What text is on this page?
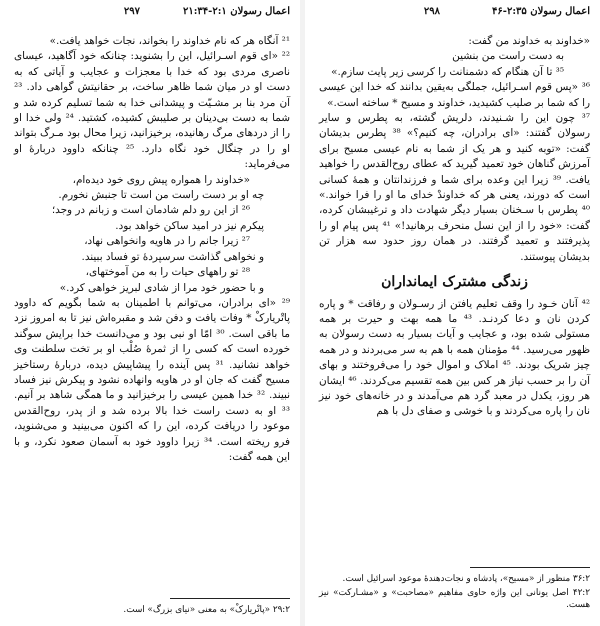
اعمال رسولان ۲:۱-۲۱:۳۴
۲۹۷

²¹ آنگاه هر که نام خداوند را بخواند، نجات خواهد یافت.»

²² «ای قوم اسـرائیل، این را بشنوید: چنانکه خود آگاهید، عیسای ناصری مردی بود که خدا با معجزات و عجایب و آیاتی که به دست او در میان شما ظاهر ساخت، بر حقانیتش گواهی داد. ²³ آن مرد بنا بر مشـیّت و پیشدانی خدا به شما تسلیم کرده شد و شما به دست بی‌دینان بر صلیبش کشیده، کشتید. ²⁴ ولی خدا او را از دردهای مرگ رهانیده، برخیزانید، زیرا محال بود مـرگ بتواند او را در چنگال خود نگاه دارد. ²⁵ چنانکه داوود دربارۀ او می‌فرماید:

«خداوند را همواره پیش روی خود دیده‌ام،

چه او بر دست راست من است تا جنبش نخورم.

²⁶ از این رو دلم شادمان است و زبانم در وجد؛

پیکرم نیز در امید ساکن خواهد بود.

²⁷ زیرا جانم را در هاویه وانخواهی نهاد،

و نخواهی گذاشت سرسپردۀ تو فساد ببیند.

²⁸ تو راههای حیات را به من آموختهای،

و با حضور خود مرا از شادی لبریز خواهی کرد.»

²⁹ «ای برادران، می‌توانم با اطمینان به شما بگویم که داوود پاتْریارکْ * وفات یافت و دفن شد و مقبره‌اش نیز تا به امروز نزد ما باقی است. ³⁰ امّا او نبی بود و می‌دانست خدا برایش سوگند خورده است که کسی را از ثمرۀ صُلْب او بر تخت سلطنت وی خواهد نشانید. ³¹ پس آینده را پیشاپیش دیده، دربارۀ رستاخیز مسیح گفت که جان او در هاویه وانهاده نشود و پیکرش نیز فساد نبیند. ³² خدا همین عیسی را برخیزانید و ما همگی شاهد بر آنیم. ³³ او به دست راست خدا بالا برده شد و از پدر، روح‌القدس موعود را دریافت کرده، این را که اکنون می‌بینید و می‌شنوید، فرو ریخته است. ³⁴ زیرا داوود خود به آسمان صعود نکرد، و با این همه گفت:

۲۹:۲ «پاتْریارکْ» به معنی «نیای بزرگ» است.
اعمال رسولان ۲:۳۵-۴۶
۲۹۸

«خداوند به خداوند من گفت:

به دست راست من بنشین

³⁵ تا آن هنگام که دشمنانت را کرسی زیر پایت سازم.»

³⁶ «پس قوم اسـرائیل، جملگی به‌یقین بدانند که خدا این عیسی را که شما بر صلیب کشیدید، خداوند و مسیح * ساخته است.»

³⁷ چون این را شـنیدند، دلریش گشته، به پطرس و سایر رسولان گفتند: «ای برادران، چه کنیم؟» ³⁸ پطرس بدیشان گفت: «توبه کنید و هر یک از شما به نام عیسی مسیح برای آمرزش گناهان خود تعمید گیرید که عطای روح‌القدس را خواهید یافت. ³⁹ زیرا این وعده برای شما و فرزندانتان و همۀ کسانی است که دورند، یعنی هر که خداوندْ خدای ما او را فرا خواند.» ⁴⁰ پطرس با سـخنان بسیار دیگر شهادت داد و ترغیبشان کرده، گفت: «خود را از این نسل منحرف برهانید!» ⁴¹ پس پیام او را پذیرفتند و تعمید گرفتند. در همان روز حدود سه هزار تن بدیشان پیوستند.

زندگی مشترک ایمانداران

⁴² آنان خـود را وقف تعلیم یافتن از رسـولان و رفاقت * و پاره کردن نان و دعا کردنـد. ⁴³ ما همه بهت و حیرت بر همه مستولی شده بود، و عجایب و آیات بسیار به دست رسولان به ظهور می‌رسید. ⁴⁴ مؤمنان همه با هم به سر می‌بردند و در همه چیز شریک بودند. ⁴⁵ املاک و اموال خود را می‌فروختند و بهای آن را بر حسب نیاز هر کس بین همه تقسیم می‌کردند. ⁴⁶ ایشان هر روز، یکدل در معبد گرد هم می‌آمدند و در خانه‌های خود نیز نان را پاره می‌کردند و با خوشی و صفای دل با هم

۳۶:۲ منظور از «مسیح»، پادشاه و نجات‌دهندۀ موعود اسرائیل است.
۴۲:۲ اصل یونانی این واژه حاوی مفاهیم «مصاحبت» و «مشـارکت» نیز هست.
